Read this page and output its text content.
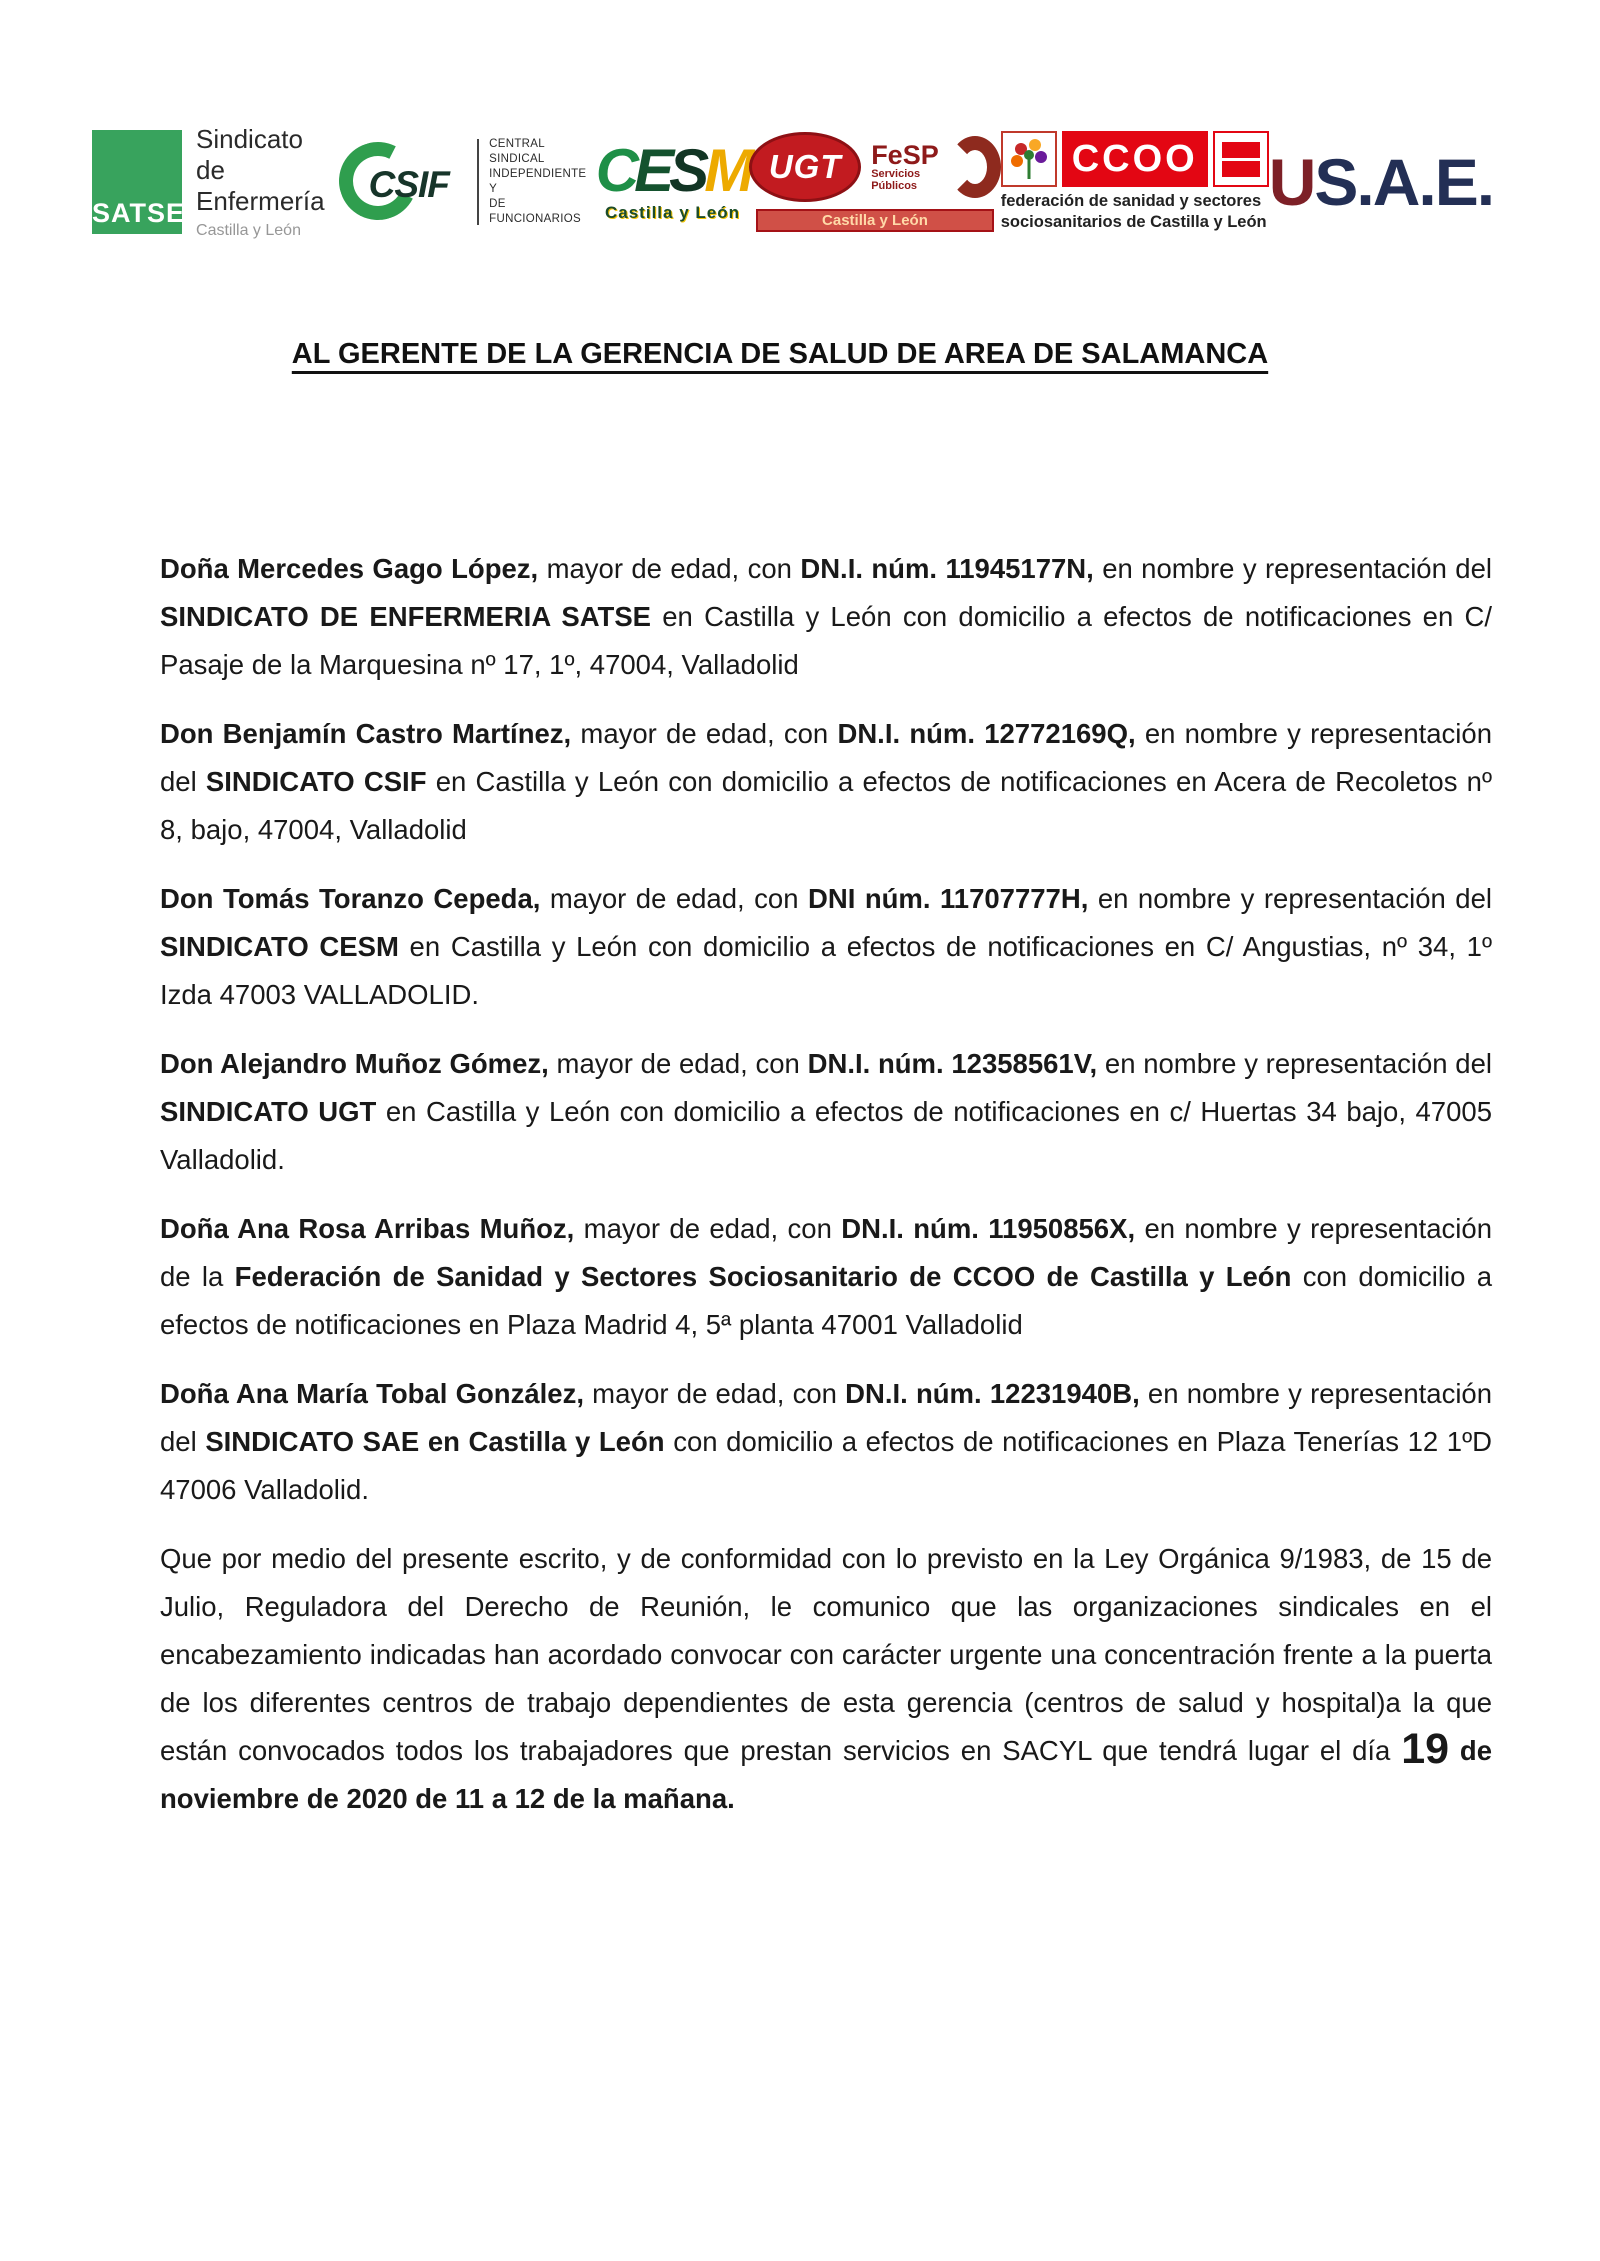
SATSE
Sindicato
de Enfermería
Castilla y León
CSIF
CENTRAL SINDICAL
INDEPENDIENTE Y
DE FUNCIONARIOS
CESM
Castilla y León
UGT	FeSP
Servicios
Públicos
Castilla y León
CCOO
federación de sanidad y sectores
sociosanitarios de Castilla y León
US.A.E.
AL GERENTE DE LA GERENCIA DE SALUD DE AREA DE SALAMANCA

Doña Mercedes Gago López, mayor de edad, con DN.I. núm. 11945177N, en nombre y representación del SINDICATO DE ENFERMERIA SATSE en Castilla y León con domicilio a efectos de notificaciones en C/ Pasaje de la Marquesina nº 17, 1º, 47004, Valladolid

Don Benjamín Castro Martínez, mayor de edad, con DN.I. núm. 12772169Q, en nombre y representación del SINDICATO CSIF en Castilla y León con domicilio a efectos de notificaciones en Acera de Recoletos nº 8, bajo, 47004, Valladolid

Don Tomás Toranzo Cepeda, mayor de edad, con DNI núm. 11707777H, en nombre y representación del SINDICATO CESM en Castilla y León con domicilio a efectos de notificaciones en C/ Angustias, nº 34, 1º Izda 47003 VALLADOLID.

Don Alejandro Muñoz Gómez, mayor de edad, con DN.I. núm. 12358561V, en nombre y representación del SINDICATO UGT en Castilla y León con domicilio a efectos de notificaciones en c/ Huertas 34 bajo, 47005 Valladolid.

Doña Ana Rosa Arribas Muñoz, mayor de edad, con DN.I. núm. 11950856X, en nombre y representación de la Federación de Sanidad y Sectores Sociosanitario de CCOO de Castilla y León con domicilio a efectos de notificaciones en Plaza Madrid 4, 5ª planta 47001 Valladolid

Doña Ana María Tobal González, mayor de edad, con DN.I. núm. 12231940B, en nombre y representación del SINDICATO SAE en Castilla y León con domicilio a efectos de notificaciones en Plaza Tenerías 12 1ºD 47006 Valladolid.

Que por medio del presente escrito, y de conformidad con lo previsto en la Ley Orgánica 9/1983, de 15 de Julio, Reguladora del Derecho de Reunión, le comunico que las organizaciones sindicales en el encabezamiento indicadas han acordado convocar con carácter urgente una concentración frente a la puerta de los diferentes centros de trabajo dependientes de esta gerencia (centros de salud y hospital)a la que están convocados todos los trabajadores que prestan servicios en SACYL que tendrá lugar el día 19 de noviembre de 2020 de 11 a 12 de la mañana.
